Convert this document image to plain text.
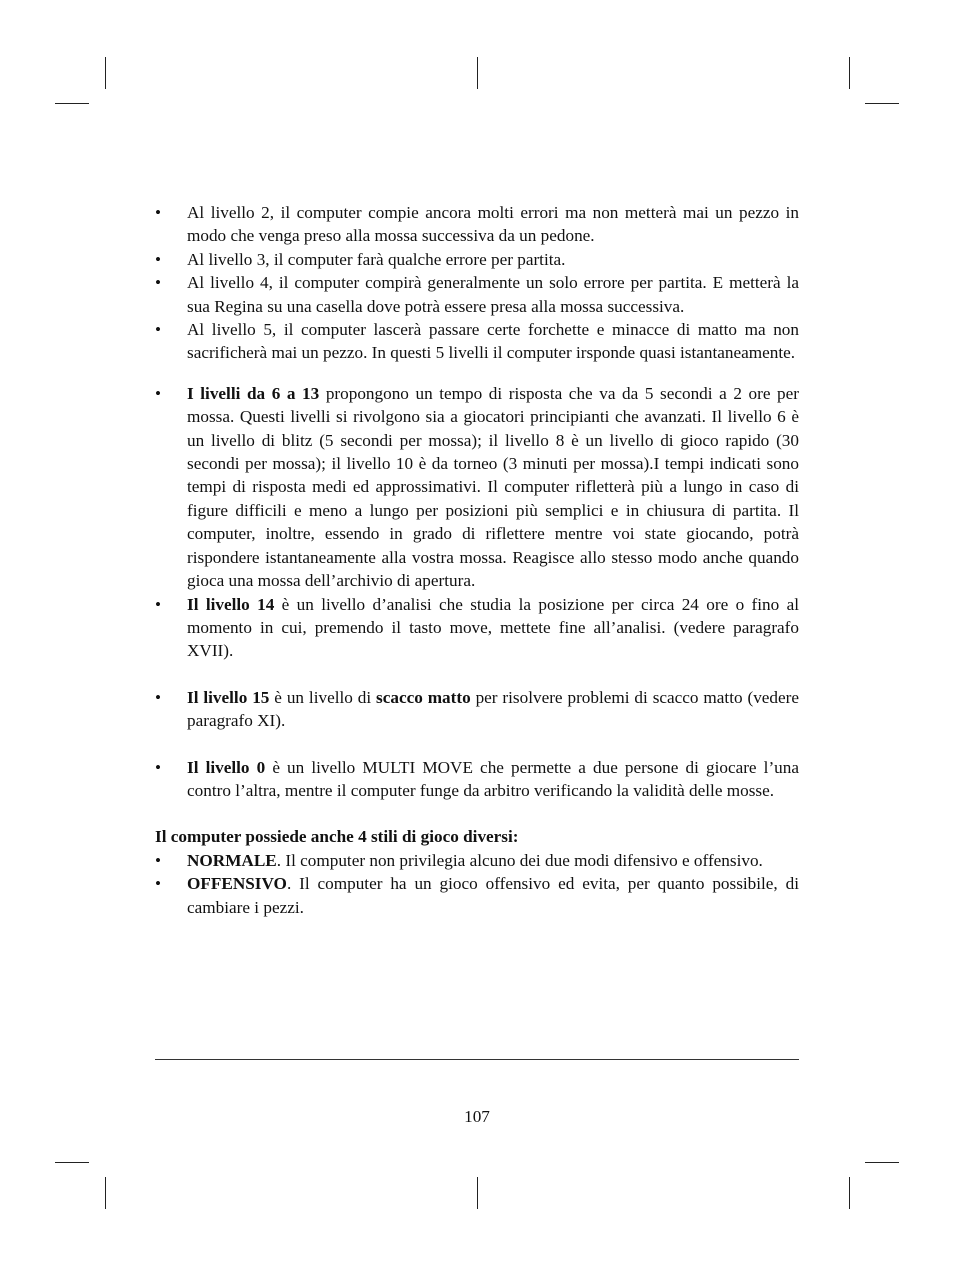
• Al livello 2, il computer compie ancora molti errori ma non metterà mai un pezzo in modo che venga preso alla mossa successiva da un pedone.
• Al livello 3, il computer farà qualche errore per partita.
• Al livello 4, il computer compirà generalmente un solo errore per partita. E metterà la sua Regina su una casella dove potrà essere presa alla mossa successiva.
• Al livello 5, il computer lascerà passare certe forchette e minacce di matto ma non sacrificherà mai un pezzo. In questi 5 livelli il computer irsponde quasi istantaneamente.
• I livelli da 6 a 13 propongono un tempo di risposta che va da 5 secondi a 2 ore per mossa. Questi livelli si rivolgono sia a giocatori principianti che avanzati. Il livello 6 è un livello di blitz (5 secondi per mossa); il livello 8 è un livello di gioco rapido (30 secondi per mossa); il livello 10 è da torneo (3 minuti per mossa).I tempi indicati sono tempi di risposta medi ed approssimativi. Il computer rifletterà più a lungo in caso di figure difficili e meno a lungo per posizioni più semplici e in chiusura di partita. Il computer, inoltre, essendo in grado di riflettere mentre voi state giocando, potrà rispondere istantaneamente alla vostra mossa. Reagisce allo stesso modo anche quando gioca una mossa dell’archivio di apertura.
• Il livello 14 è un livello d’analisi che studia la posizione per circa 24 ore o fino al momento in cui, premendo il tasto move, mettete fine all’analisi. (vedere paragrafo XVII).
• Il livello 15 è un livello di scacco matto per risolvere problemi di scacco matto (vedere paragrafo XI).
• Il livello 0 è un livello MULTI MOVE che permette a due persone di giocare l’una contro l’altra, mentre il computer funge da arbitro verificando la validità delle mosse.
Il computer possiede anche 4 stili di gioco diversi:
• NORMALE. Il computer non privilegia alcuno dei due modi difensivo e offensivo.
• OFFENSIVO. Il computer ha un gioco offensivo ed evita, per quanto possibile, di cambiare i pezzi.
107
